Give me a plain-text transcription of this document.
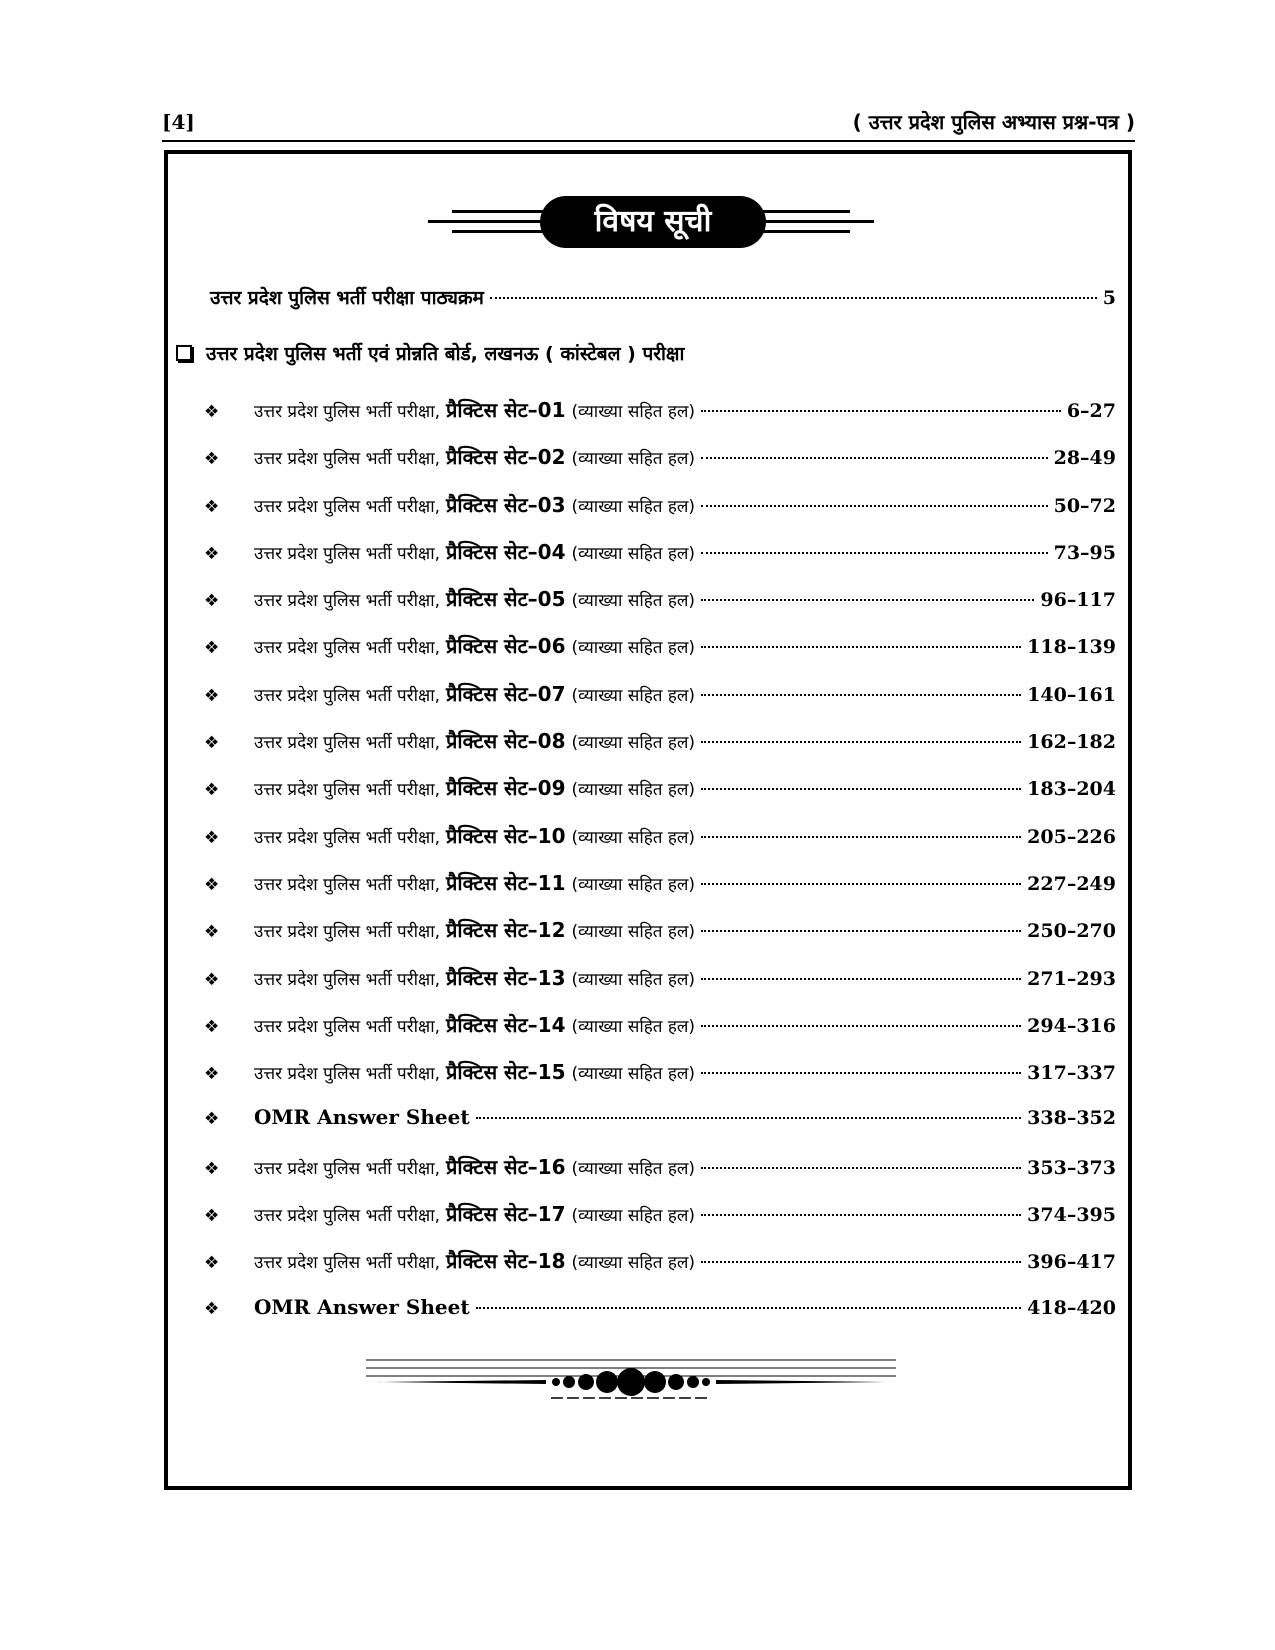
[4]	( उत्तर प्रदेश पुलिस अभ्यास प्रश्न-पत्र )
विषय सूची
उत्तर प्रदेश पुलिस भर्ती परीक्षा पाठ्यक्रम	5
उत्तर प्रदेश पुलिस भर्ती एवं प्रोन्नति बोर्ड, लखनऊ ( कांस्टेबल ) परीक्षा
❖	उत्तर प्रदेश पुलिस भर्ती परीक्षा, प्रैक्टिस सेट–01 (व्याख्या सहित हल)	6–27
❖	उत्तर प्रदेश पुलिस भर्ती परीक्षा, प्रैक्टिस सेट–02 (व्याख्या सहित हल)	28–49
❖	उत्तर प्रदेश पुलिस भर्ती परीक्षा, प्रैक्टिस सेट–03 (व्याख्या सहित हल)	50–72
❖	उत्तर प्रदेश पुलिस भर्ती परीक्षा, प्रैक्टिस सेट–04 (व्याख्या सहित हल)	73–95
❖	उत्तर प्रदेश पुलिस भर्ती परीक्षा, प्रैक्टिस सेट–05 (व्याख्या सहित हल)	96–117
❖	उत्तर प्रदेश पुलिस भर्ती परीक्षा, प्रैक्टिस सेट–06 (व्याख्या सहित हल)	118–139
❖	उत्तर प्रदेश पुलिस भर्ती परीक्षा, प्रैक्टिस सेट–07 (व्याख्या सहित हल)	140–161
❖	उत्तर प्रदेश पुलिस भर्ती परीक्षा, प्रैक्टिस सेट–08 (व्याख्या सहित हल)	162–182
❖	उत्तर प्रदेश पुलिस भर्ती परीक्षा, प्रैक्टिस सेट–09 (व्याख्या सहित हल)	183–204
❖	उत्तर प्रदेश पुलिस भर्ती परीक्षा, प्रैक्टिस सेट–10 (व्याख्या सहित हल)	205–226
❖	उत्तर प्रदेश पुलिस भर्ती परीक्षा, प्रैक्टिस सेट–11 (व्याख्या सहित हल)	227–249
❖	उत्तर प्रदेश पुलिस भर्ती परीक्षा, प्रैक्टिस सेट–12 (व्याख्या सहित हल)	250–270
❖	उत्तर प्रदेश पुलिस भर्ती परीक्षा, प्रैक्टिस सेट–13 (व्याख्या सहित हल)	271–293
❖	उत्तर प्रदेश पुलिस भर्ती परीक्षा, प्रैक्टिस सेट–14 (व्याख्या सहित हल)	294–316
❖	उत्तर प्रदेश पुलिस भर्ती परीक्षा, प्रैक्टिस सेट–15 (व्याख्या सहित हल)	317–337
❖	OMR Answer Sheet	338–352
❖	उत्तर प्रदेश पुलिस भर्ती परीक्षा, प्रैक्टिस सेट–16 (व्याख्या सहित हल)	353–373
❖	उत्तर प्रदेश पुलिस भर्ती परीक्षा, प्रैक्टिस सेट–17 (व्याख्या सहित हल)	374–395
❖	उत्तर प्रदेश पुलिस भर्ती परीक्षा, प्रैक्टिस सेट–18 (व्याख्या सहित हल)	396–417
❖	OMR Answer Sheet	418–420
